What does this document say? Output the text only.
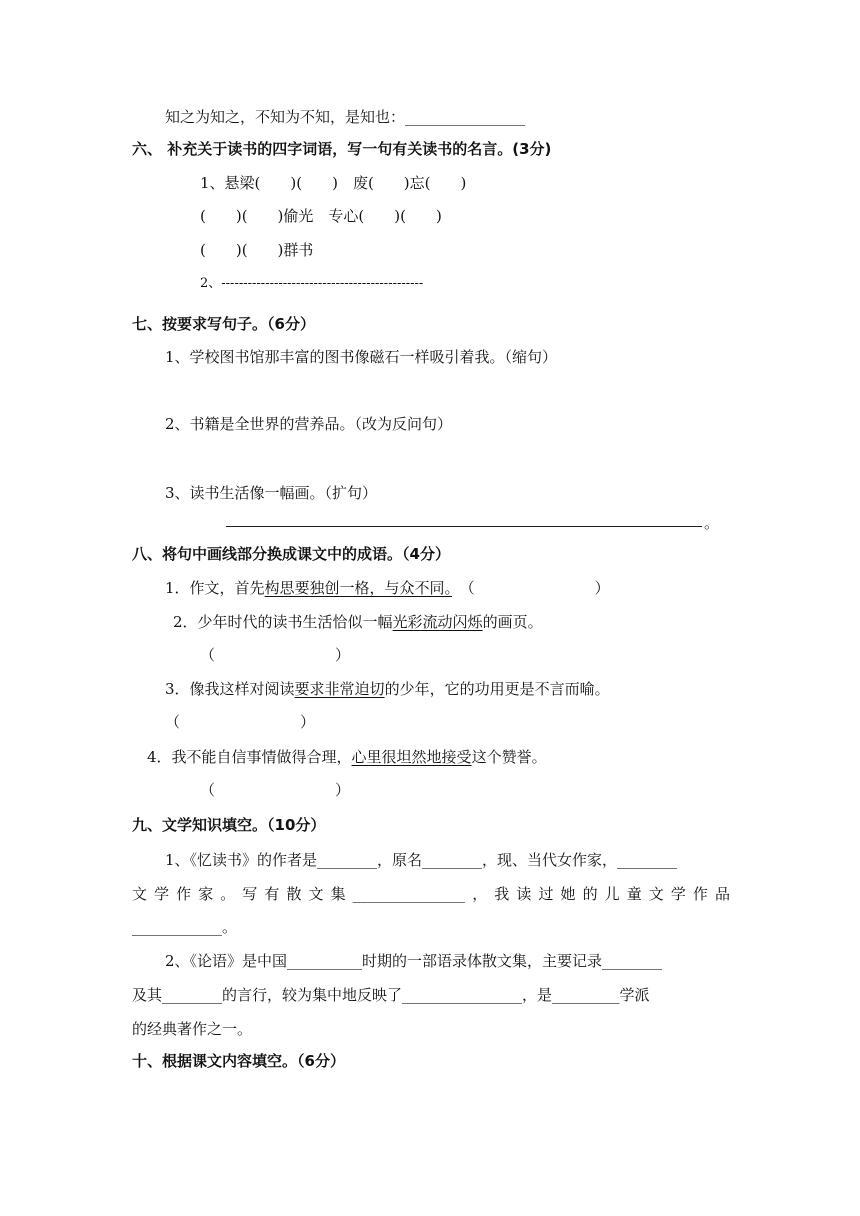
知之为知之，不知为不知，是知也：________________
六、 补充关于读书的四字词语，写一句有关读书的名言。(3分)
1、悬梁(　　)(　　)　废(　　)忘(　　)
(　　)(　　)偷光　专心(　　)(　　)
(　　)(　　)群书
2、----------------------------------------------
七、按要求写句子。（6分）
1、学校图书馆那丰富的图书像磁石一样吸引着我。（缩句）
2、书籍是全世界的营养品。（改为反问句）
3、读书生活像一幅画。（扩句）
。
八、将句中画线部分换成课文中的成语。（4分）
1．作文，首先构思要独创一格，与众不同。　（　　　　　　　　）
2．少年时代的读书生活恰似一幅光彩流动闪烁的画页。
（　　　　　　　　）
3．像我这样对阅读要求非常迫切的少年，它的功用更是不言而喻。
（　　　　　　　　）
4．我不能自信事情做得合理，心里很坦然地接受这个赞誉。
（　　　　　　　　）
九、文学知识填空。（10分）
1、《忆读书》的作者是________，原名________，现、当代女作家，________
文学作家。写有散文集_______________，我读过她的儿童文学作品
____________。
2、《论语》是中国__________时期的一部语录体散文集，主要记录________
及其________的言行，较为集中地反映了________________，是_________学派
的经典著作之一。
十、根据课文内容填空。（6分）
